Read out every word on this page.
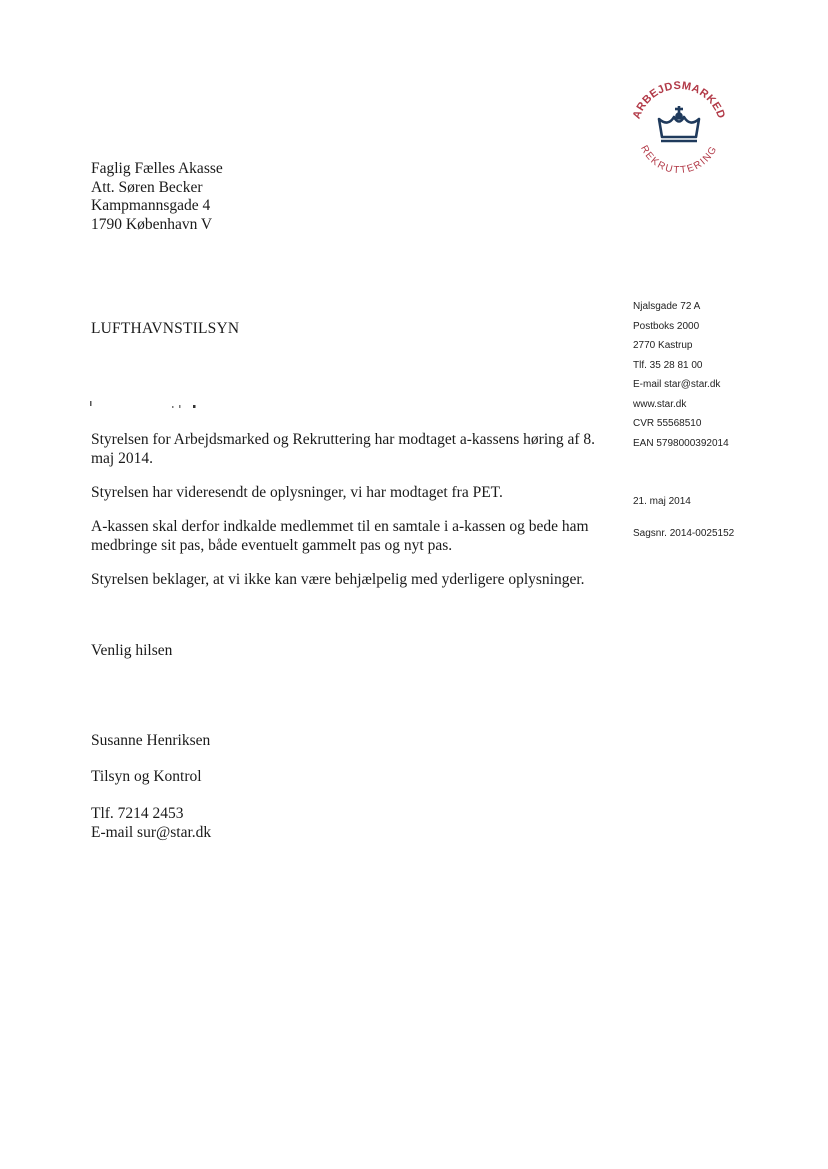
ARBEJDSMARKED
REKRUTTERING
Faglig Fælles Akasse
Att. Søren Becker
Kampmannsgade 4
1790 København V
LUFTHAVNSTILSYN
Styrelsen for Arbejdsmarked og Rekruttering har modtaget a-kassens høring af 8.
maj 2014.
Styrelsen har videresendt de oplysninger, vi har modtaget fra PET.
A-kassen skal derfor indkalde medlemmet til en samtale i a-kassen og bede ham
medbringe sit pas, både eventuelt gammelt pas og nyt pas.
Styrelsen beklager, at vi ikke kan være behjælpelig med yderligere oplysninger.
Venlig hilsen
Susanne Henriksen
Tilsyn og Kontrol
Tlf. 7214 2453
E-mail sur@star.dk
Njalsgade 72 A
Postboks 2000
2770 Kastrup
Tlf. 35 28 81 00
E-mail star@star.dk
www.star.dk
CVR 55568510
EAN 5798000392014
21. maj 2014
Sagsnr. 2014-0025152
